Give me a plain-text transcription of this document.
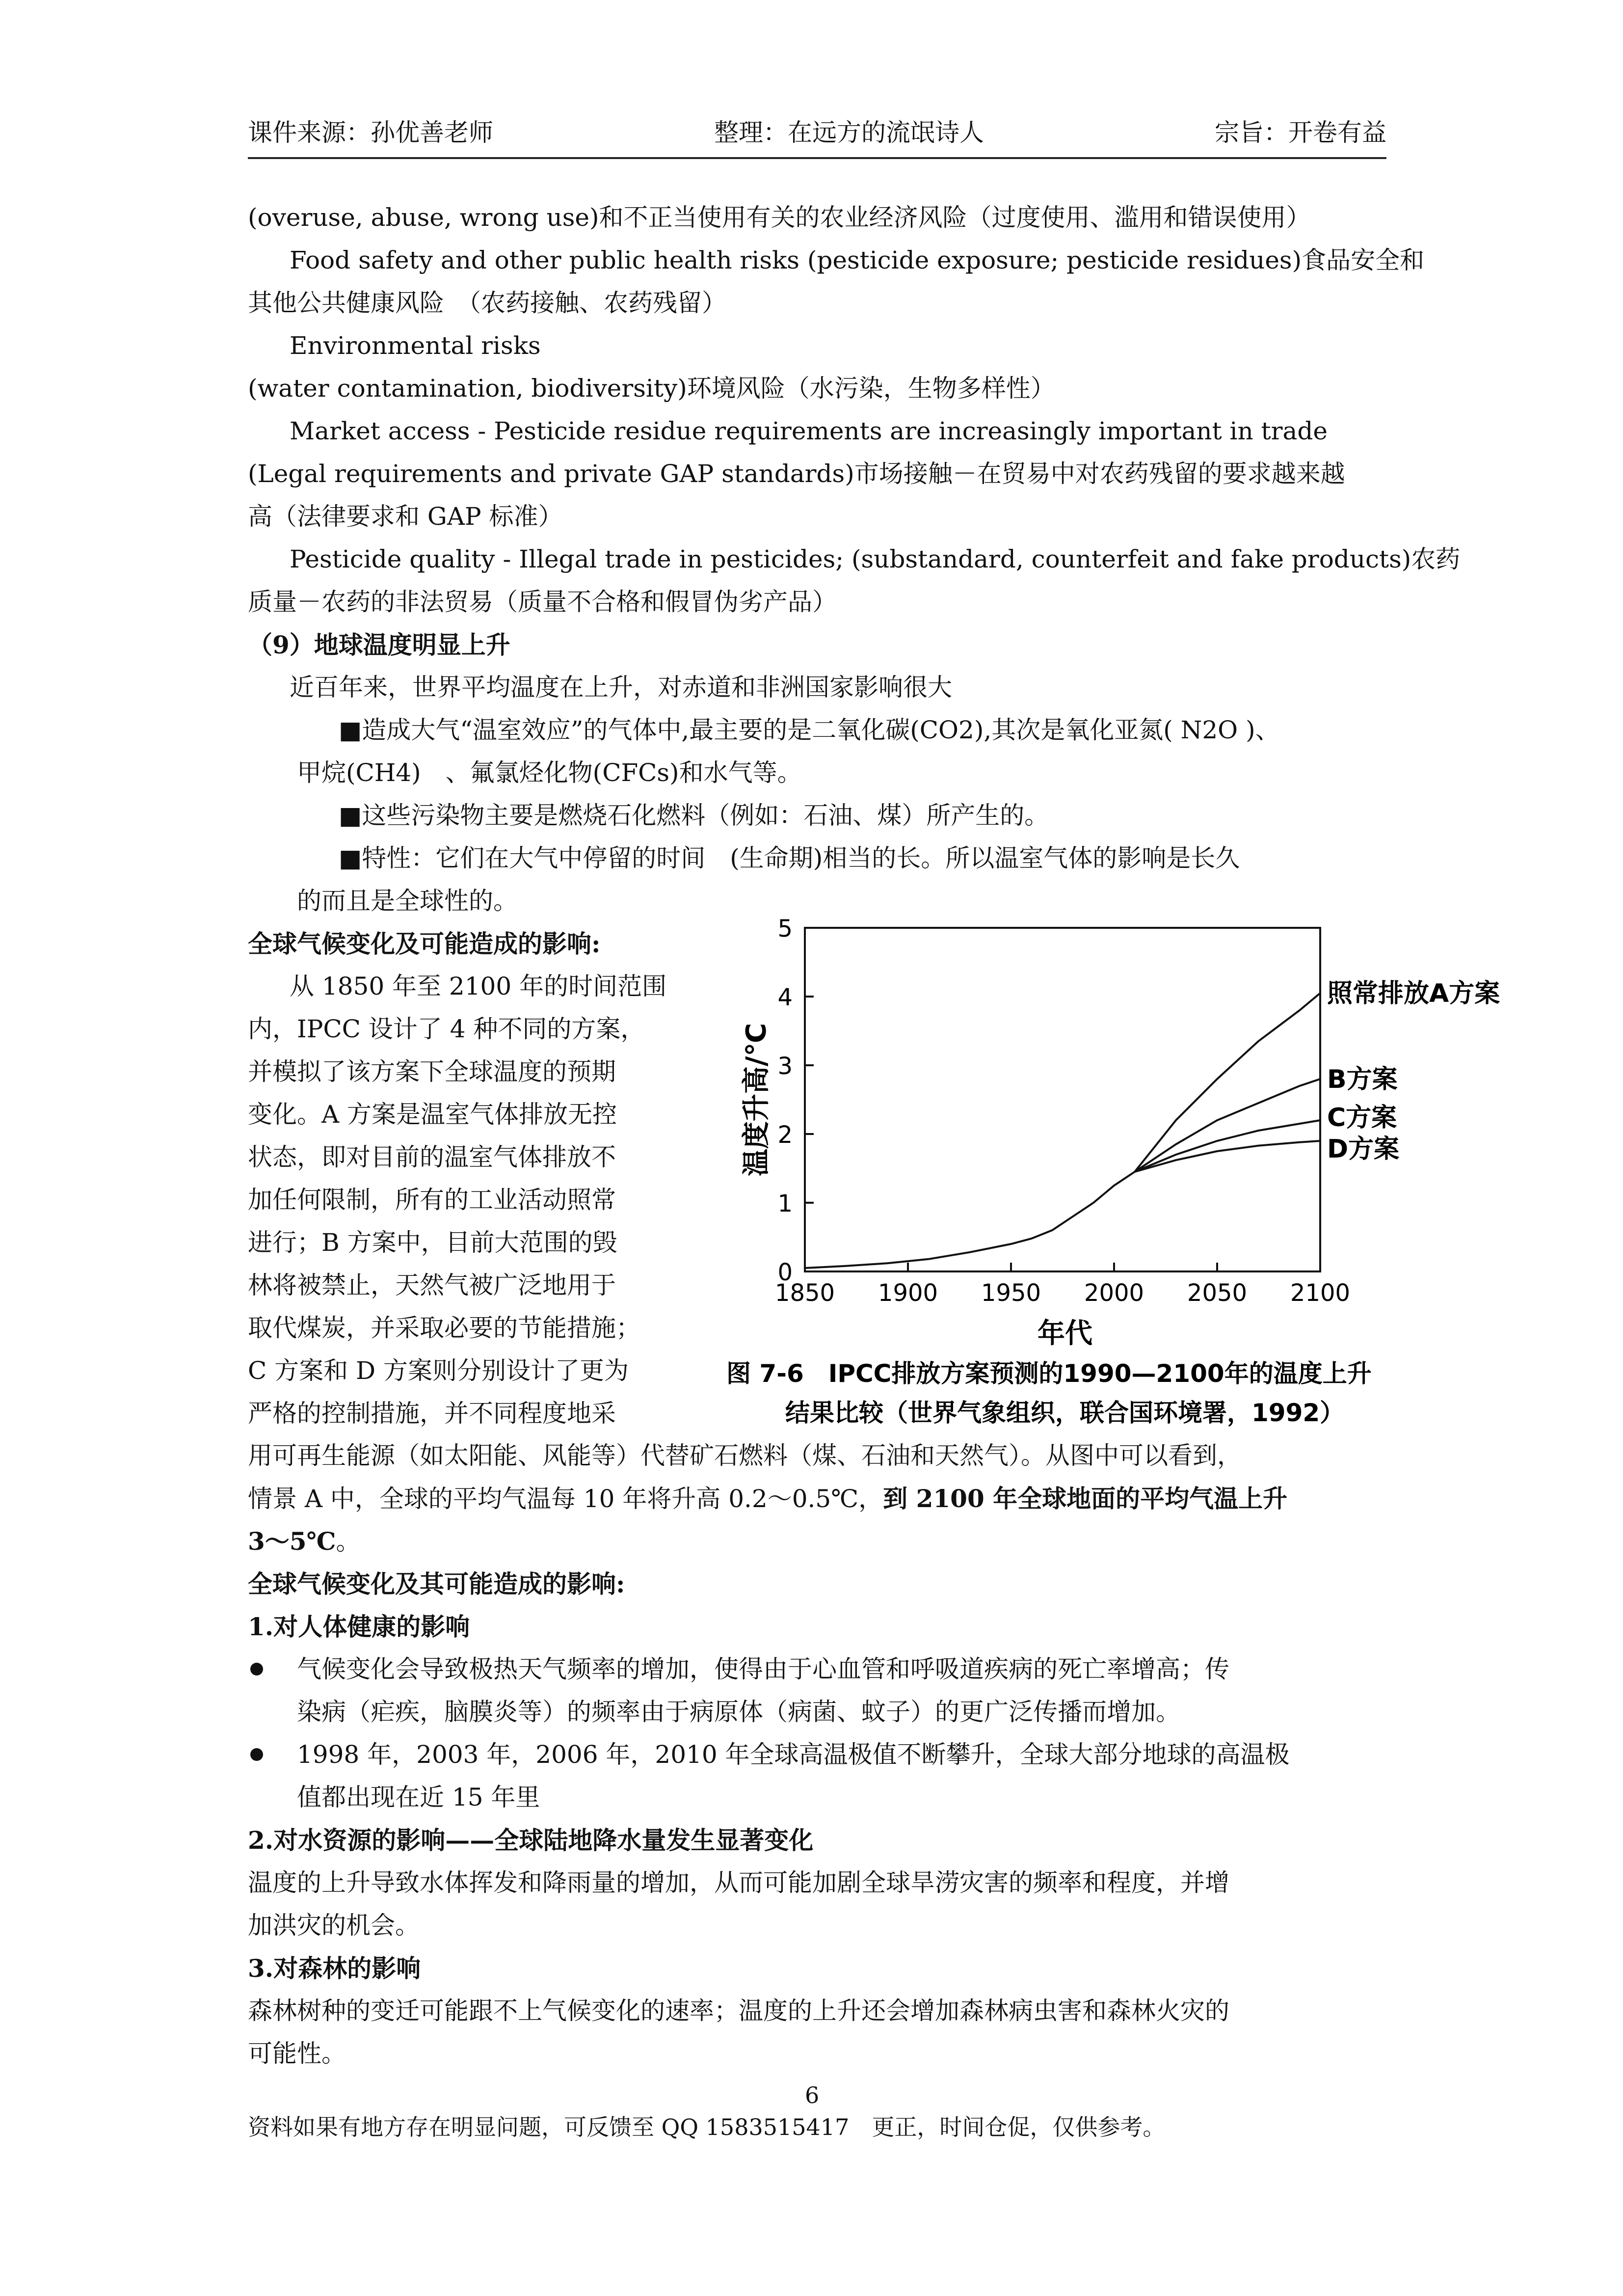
课件来源：孙优善老师	整理：在远方的流氓诗人	宗旨：开卷有益
(overuse, abuse, wrong use)和不正当使用有关的农业经济风险（过度使用、滥用和错误使用）
Food safety and other public health risks (pesticide exposure; pesticide residues)食品安全和
其他公共健康风险　（农药接触、农药残留）
Environmental risks
(water contamination, biodiversity)环境风险（水污染，生物多样性）
Market access - Pesticide residue requirements are increasingly important in trade
(Legal requirements and private GAP standards)市场接触－在贸易中对农药残留的要求越来越
高（法律要求和 GAP 标准）
Pesticide quality - Illegal trade in pesticides; (substandard, counterfeit and fake products)农药
质量－农药的非法贸易（质量不合格和假冒伪劣产品）
（9）地球温度明显上升
近百年来，世界平均温度在上升，对赤道和非洲国家影响很大
■造成大气“温室效应”的气体中,最主要的是二氧化碳(CO2),其次是氧化亚氮( N2O )、
甲烷(CH4)　、氟氯烃化物(CFCs)和水气等。
■这些污染物主要是燃烧石化燃料（例如：石油、煤）所产生的。
■特性：它们在大气中停留的时间　(生命期)相当的长。所以温室气体的影响是长久
的而且是全球性的。
全球气候变化及可能造成的影响:
从 1850 年至 2100 年的时间范围
内，IPCC 设计了 4 种不同的方案，
并模拟了该方案下全球温度的预期
变化。A 方案是温室气体排放无控
状态，即对目前的温室气体排放不
加任何限制，所有的工业活动照常
进行；B 方案中，目前大范围的毁
林将被禁止，天然气被广泛地用于
取代煤炭，并采取必要的节能措施；
C 方案和 D 方案则分别设计了更为
严格的控制措施，并不同程度地采
温度升高/℃
年代
图 7-6　IPCC排放方案预测的1990—2100年的温度上升
结果比较（世界气象组织，联合国环境署，1992）
0
1
2
3
4
5
1850 1900 1950 2000 2050 2100
照常排放A方案
B方案
C方案
D方案
用可再生能源（如太阳能、风能等）代替矿石燃料（煤、石油和天然气）。从图中可以看到，
情景 A 中，全球的平均气温每 10 年将升高 0.2～0.5℃，到 2100 年全球地面的平均气温上升
3～5℃。
全球气候变化及其可能造成的影响:
1.对人体健康的影响
气候变化会导致极热天气频率的增加，使得由于心血管和呼吸道疾病的死亡率增高；传
染病（疟疾，脑膜炎等）的频率由于病原体（病菌、蚊子）的更广泛传播而增加。
1998 年，2003 年，2006 年，2010 年全球高温极值不断攀升，全球大部分地球的高温极
值都出现在近 15 年里
2.对水资源的影响——全球陆地降水量发生显著变化
温度的上升导致水体挥发和降雨量的增加，从而可能加剧全球旱涝灾害的频率和程度，并增
加洪灾的机会。
3.对森林的影响
森林树种的变迁可能跟不上气候变化的速率；温度的上升还会增加森林病虫害和森林火灾的
可能性。
6
资料如果有地方存在明显问题，可反馈至 QQ 1583515417　更正，时间仓促，仅供参考。
